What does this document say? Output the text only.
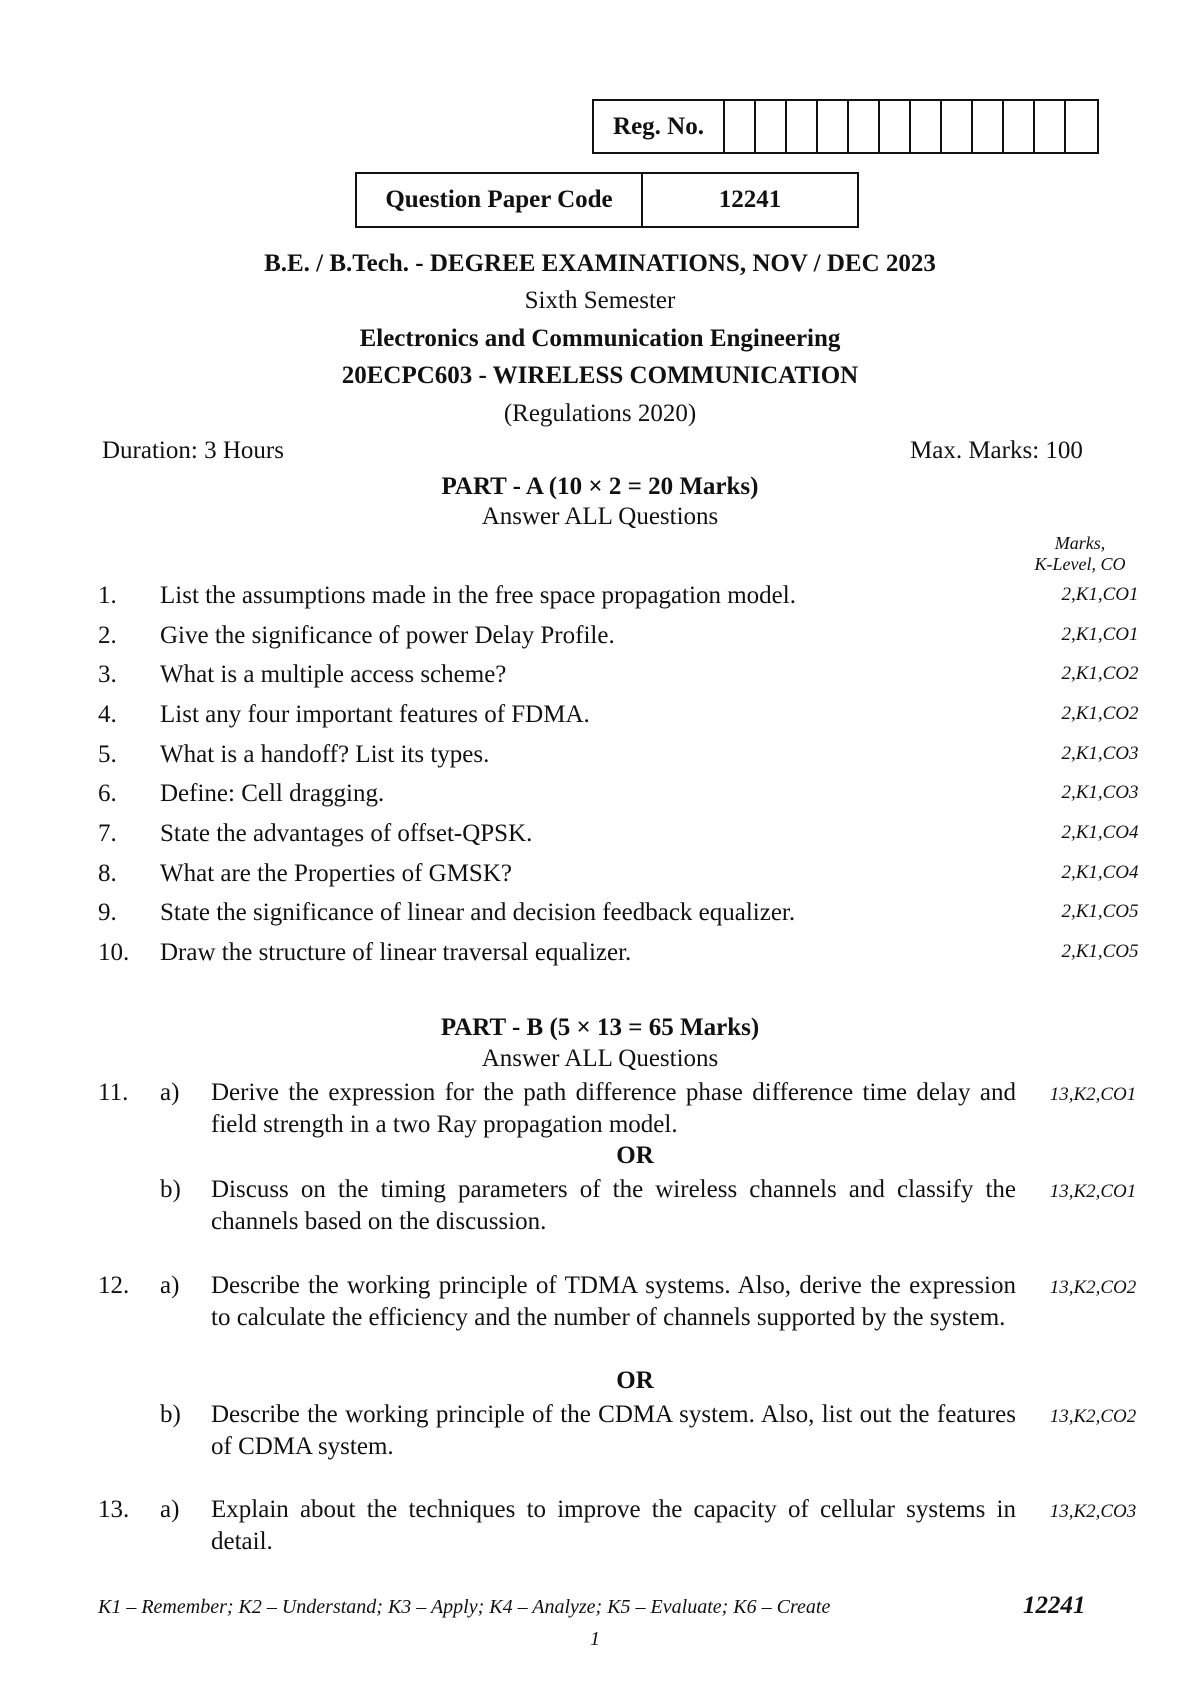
Reg. No.
Question Paper Code	12241
B.E. / B.Tech. - DEGREE EXAMINATIONS, NOV / DEC 2023
Sixth Semester
Electronics and Communication Engineering
20ECPC603 - WIRELESS COMMUNICATION
(Regulations 2020)
Duration: 3 Hours	Max. Marks: 100
PART - A (10 × 2 = 20 Marks)
Answer ALL Questions
Marks,
K-Level, CO
1.	List the assumptions made in the free space propagation model.	2,K1,CO1
2.	Give the significance of power Delay Profile.	2,K1,CO1
3.	What is a multiple access scheme?	2,K1,CO2
4.	List any four important features of FDMA.	2,K1,CO2
5.	What is a handoff? List its types.	2,K1,CO3
6.	Define: Cell dragging.	2,K1,CO3
7.	State the advantages of offset-QPSK.	2,K1,CO4
8.	What are the Properties of GMSK?	2,K1,CO4
9.	State the significance of linear and decision feedback equalizer.	2,K1,CO5
10.	Draw the structure of linear traversal equalizer.	2,K1,CO5
PART - B (5 × 13 = 65 Marks)
Answer ALL Questions
11.	a)	Derive the expression for the path difference phase difference time delay and field strength in a two Ray propagation model.
13,K2,CO1
OR
b)	Discuss on the timing parameters of the wireless channels and classify the channels based on the discussion.
13,K2,CO1
12.	a)	Describe the working principle of TDMA systems. Also, derive the expression to calculate the efficiency and the number of channels supported by the system.
13,K2,CO2
OR
b)	Describe the working principle of the CDMA system. Also, list out the features of CDMA system.
13,K2,CO2
13.	a)	Explain about the techniques to improve the capacity of cellular systems in detail.
13,K2,CO3
K1 – Remember; K2 – Understand; K3 – Apply; K4 – Analyze; K5 – Evaluate; K6 – Create	12241
1
